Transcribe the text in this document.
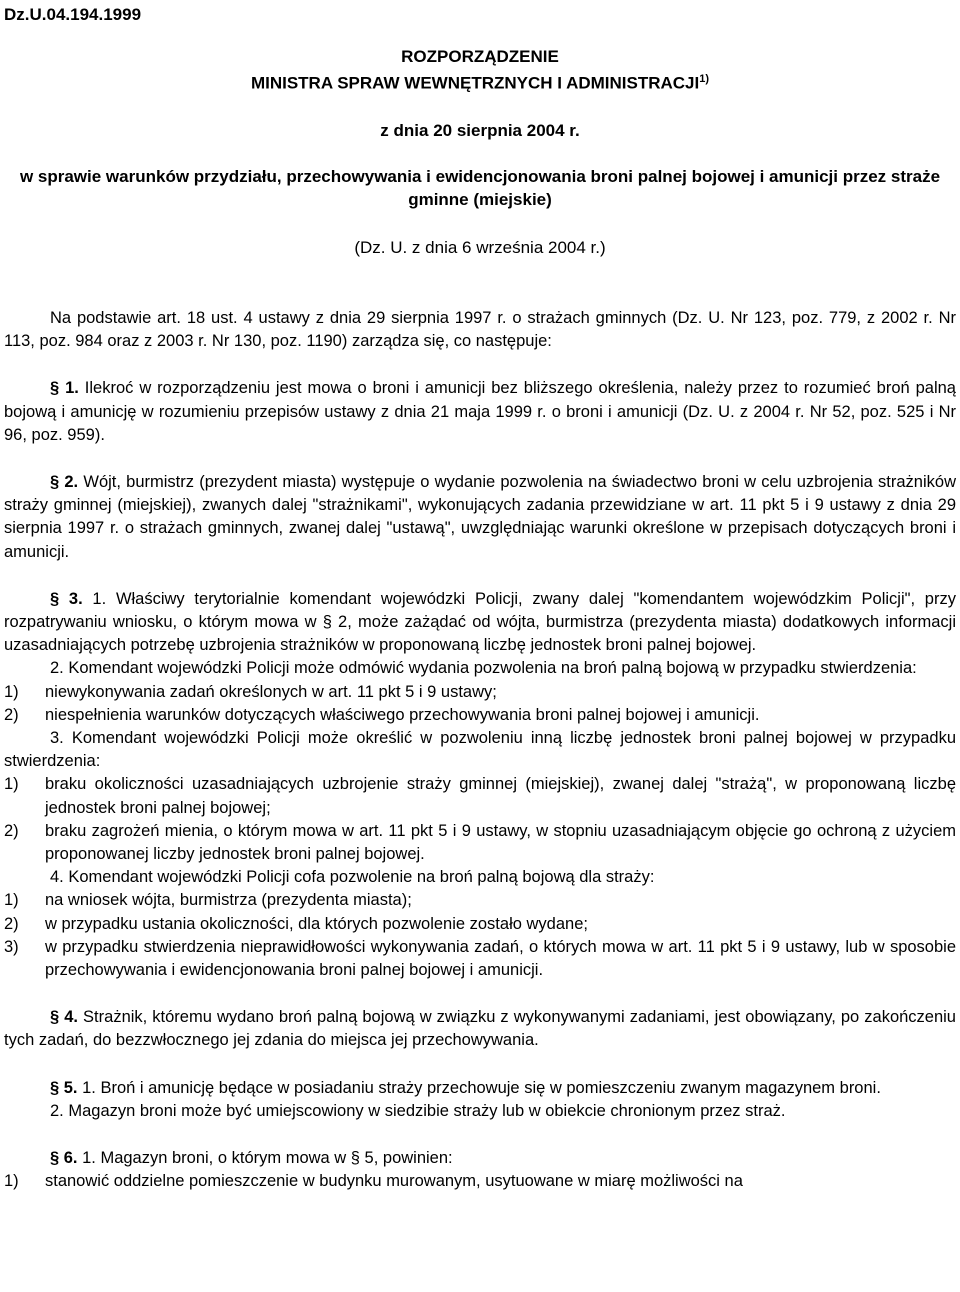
Dz.U.04.194.1999
ROZPORZĄDZENIE
MINISTRA SPRAW WEWNĘTRZNYCH I ADMINISTRACJI$^{1)}$
z dnia 20 sierpnia 2004 r.
w sprawie warunków przydziału, przechowywania i ewidencjonowania broni palnej bojowej i amunicji przez straże gminne (miejskie)
(Dz. U. z dnia 6 września 2004 r.)

Na podstawie art. 18 ust. 4 ustawy z dnia 29 sierpnia 1997 r. o strażach gminnych (Dz. U. Nr 123, poz. 779, z 2002 r. Nr 113, poz. 984 oraz z 2003 r. Nr 130, poz. 1190) zarządza się, co następuje:

§ 1. Ilekroć w rozporządzeniu jest mowa o broni i amunicji bez bliższego określenia, należy przez to rozumieć broń palną bojową i amunicję w rozumieniu przepisów ustawy z dnia 21 maja 1999 r. o broni i amunicji (Dz. U. z 2004 r. Nr 52, poz. 525 i Nr 96, poz. 959).

§ 2. Wójt, burmistrz (prezydent miasta) występuje o wydanie pozwolenia na świadectwo broni w celu uzbrojenia strażników straży gminnej (miejskiej), zwanych dalej "strażnikami", wykonujących zadania przewidziane w art. 11 pkt 5 i 9 ustawy z dnia 29 sierpnia 1997 r. o strażach gminnych, zwanej dalej "ustawą", uwzględniając warunki określone w przepisach dotyczących broni i amunicji.

§ 3. 1. Właściwy terytorialnie komendant wojewódzki Policji, zwany dalej "komendantem wojewódzkim Policji", przy rozpatrywaniu wniosku, o którym mowa w § 2, może zażądać od wójta, burmistrza (prezydenta miasta) dodatkowych informacji uzasadniających potrzebę uzbrojenia strażników w proponowaną liczbę jednostek broni palnej bojowej.

2. Komendant wojewódzki Policji może odmówić wydania pozwolenia na broń palną bojową w przypadku stwierdzenia:

1)	niewykonywania zadań określonych w art. 11 pkt 5 i 9 ustawy;
2)	niespełnienia warunków dotyczących właściwego przechowywania broni palnej bojowej i amunicji.

3. Komendant wojewódzki Policji może określić w pozwoleniu inną liczbę jednostek broni palnej bojowej w przypadku stwierdzenia:

1)	braku okoliczności uzasadniających uzbrojenie straży gminnej (miejskiej), zwanej dalej "strażą", w proponowaną liczbę jednostek broni palnej bojowej;
2)	braku zagrożeń mienia, o którym mowa w art. 11 pkt 5 i 9 ustawy, w stopniu uzasadniającym objęcie go ochroną z użyciem proponowanej liczby jednostek broni palnej bojowej.

4. Komendant wojewódzki Policji cofa pozwolenie na broń palną bojową dla straży:

1)	na wniosek wójta, burmistrza (prezydenta miasta);
2)	w przypadku ustania okoliczności, dla których pozwolenie zostało wydane;
3)	w przypadku stwierdzenia nieprawidłowości wykonywania zadań, o których mowa w art. 11 pkt 5 i 9 ustawy, lub w sposobie przechowywania i ewidencjonowania broni palnej bojowej i amunicji.

§ 4. Strażnik, któremu wydano broń palną bojową w związku z wykonywanymi zadaniami, jest obowiązany, po zakończeniu tych zadań, do bezzwłocznego jej zdania do miejsca jej przechowywania.

§ 5. 1. Broń i amunicję będące w posiadaniu straży przechowuje się w pomieszczeniu zwanym magazynem broni.

2. Magazyn broni może być umiejscowiony w siedzibie straży lub w obiekcie chronionym przez straż.

§ 6. 1. Magazyn broni, o którym mowa w § 5, powinien:

1)	stanowić oddzielne pomieszczenie w budynku murowanym, usytuowane w miarę możliwości na
